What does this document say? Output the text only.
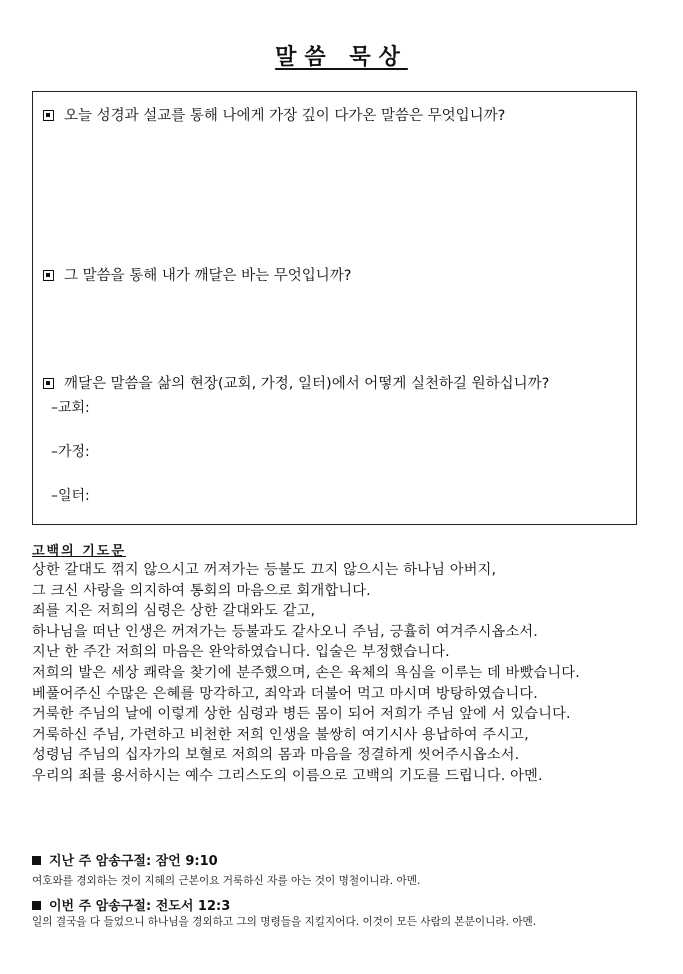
말씀 묵상
오늘 성경과 설교를 통해 나에게 가장 깊이 다가온 말씀은 무엇입니까?
그 말씀을 통해 내가 깨달은 바는 무엇입니까?
깨달은 말씀을 삶의 현장(교회, 가정, 일터)에서 어떻게 실천하길 원하십니까?
–교회:
–가정:
–일터:
고백의 기도문
상한 갈대도 꺾지 않으시고 꺼져가는 등불도 끄지 않으시는 하나님 아버지,
그 크신 사랑을 의지하여 통회의 마음으로 회개합니다.
죄를 지은 저희의 심령은 상한 갈대와도 같고,
하나님을 떠난 인생은 꺼져가는 등불과도 같사오니 주님, 긍휼히 여겨주시옵소서.
지난 한 주간 저희의 마음은 완악하였습니다. 입술은 부정했습니다.
저희의 발은 세상 쾌락을 찾기에 분주했으며, 손은 육체의 욕심을 이루는 데 바빴습니다.
베풀어주신 수많은 은혜를 망각하고, 죄악과 더불어 먹고 마시며 방탕하였습니다.
거룩한 주님의 날에 이렇게 상한 심령과 병든 몸이 되어 저희가 주님 앞에 서 있습니다.
거룩하신 주님, 가련하고 비천한 저희 인생을 불쌍히 여기시사 용납하여 주시고,
성령님 주님의 십자가의 보혈로 저희의 몸과 마음을 정결하게 씻어주시옵소서.
우리의 죄를 용서하시는 예수 그리스도의 이름으로 고백의 기도를 드립니다. 아멘.
지난 주 암송구절: 잠언 9:10
여호와를 경외하는 것이 지혜의 근본이요 거룩하신 자를 아는 것이 명철이니라. 아멘.
이번 주 암송구절: 전도서 12:3
일의 결국을 다 들었으니 하나님을 경외하고 그의 명령들을 지킬지어다. 이것이 모든 사람의 본분이니라. 아멘.
